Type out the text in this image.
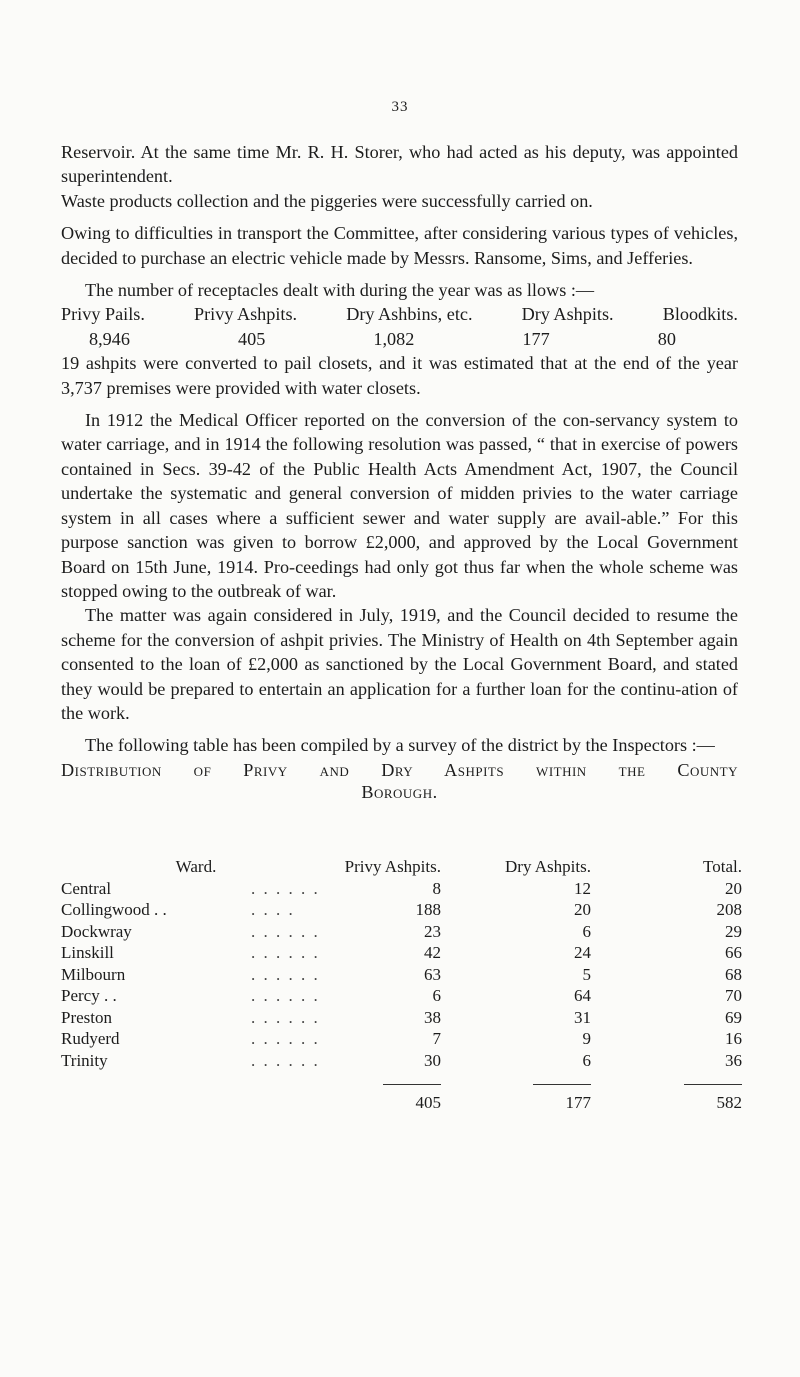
33

Reservoir. At the same time Mr. R. H. Storer, who had acted as his deputy, was appointed superintendent.

Waste products collection and the piggeries were successfully carried on.

Owing to difficulties in transport the Committee, after considering various types of vehicles, decided to purchase an electric vehicle made by Messrs. Ransome, Sims, and Jefferies.

The number of receptacles dealt with during the year was as llows :—

Privy Pails.	Privy Ashpits.	Dry Ashbins, etc.	Dry Ashpits.	Bloodkits.
8,946	405	1,082	177	80

19 ashpits were converted to pail closets, and it was estimated that at the end of the year 3,737 premises were provided with water closets.

In 1912 the Medical Officer reported on the conversion of the con-servancy system to water carriage, and in 1914 the following resolution was passed, “ that in exercise of powers contained in Secs. 39-42 of the Public Health Acts Amendment Act, 1907, the Council undertake the systematic and general conversion of midden privies to the water carriage system in all cases where a sufficient sewer and water supply are avail-able.” For this purpose sanction was given to borrow £2,000, and approved by the Local Government Board on 15th June, 1914. Pro-ceedings had only got thus far when the whole scheme was stopped owing to the outbreak of war.

The matter was again considered in July, 1919, and the Council decided to resume the scheme for the conversion of ashpit privies. The Ministry of Health on 4th September again consented to the loan of £2,000 as sanctioned by the Local Government Board, and stated they would be prepared to entertain an application for a further loan for the continu-ation of the work.

The following table has been compiled by a survey of the district by the Inspectors :—

Distribution of Privy and Dry Ashpits within the County
Borough.
Ward.		Privy Ashpits.	Dry Ashpits.	Total.
Central	. . . . . .	8	12	20
Collingwood . .	. . . .	188	20	208
Dockwray	. . . . . .	23	6	29
Linskill	. . . . . .	42	24	66
Milbourn	. . . . . .	63	5	68
Percy . .	. . . . . .	6	64	70
Preston	. . . . . .	38	31	69
Rudyerd	. . . . . .	7	9	16
Trinity	. . . . . .	30	6	36

405	177	582
